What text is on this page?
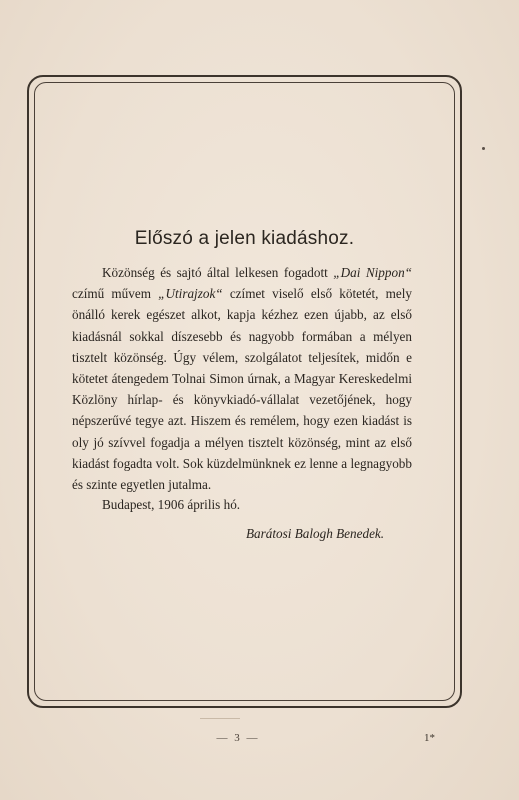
Előszó a jelen kiadáshoz.

Közönség és sajtó által lelkesen fogadott „Dai Nippon“ czímű művem „Utirajzok“ czímet viselő első kötetét, mely önálló kerek egészet alkot, kapja kézhez ezen újabb, az első kiadásnál sokkal díszesebb és nagyobb formában a mélyen tisztelt közönség. Úgy vélem, szolgálatot teljesítek, midőn e kötetet átengedem Tolnai Simon úrnak, a Magyar Kereskedelmi Közlöny hírlap- és könyvkiadó-vállalat vezetőjének, hogy népszerűvé tegye azt. Hiszem és remélem, hogy ezen kiadást is oly jó szívvel fogadja a mélyen tisztelt közönség, mint az első kiadást fogadta volt. Sok küzdelmünknek ez lenne a legnagyobb és szinte egyetlen jutalma.

Budapest, 1906 április hó.

Barátosi Balogh Benedek.

— 3 —	1*
